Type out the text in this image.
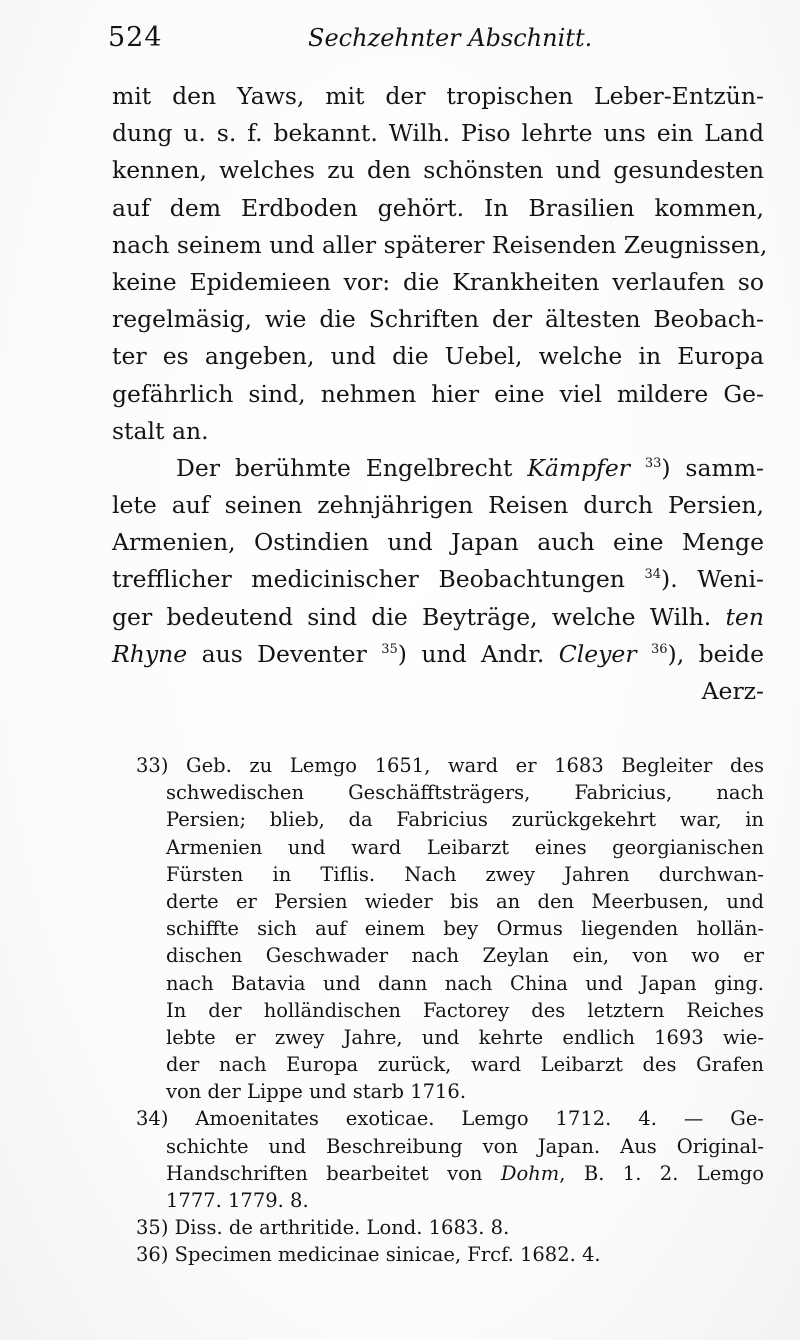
524	Sechzehnter Abschnitt.
mit den Yaws, mit der tropischen Leber-Entzün-
dung u. s. f. bekannt. Wilh. Piso lehrte uns ein Land
kennen, welches zu den schönsten und gesundesten
auf dem Erdboden gehört. In Brasilien kommen,
nach seinem und aller späterer Reisenden Zeugnissen,
keine Epidemieen vor: die Krankheiten verlaufen so
regelmäsig, wie die Schriften der ältesten Beobach-
ter es angeben, und die Uebel, welche in Europa
gefährlich sind, nehmen hier eine viel mildere Ge-
stalt an.
Der berühmte Engelbrecht Kämpfer $^{33}$) samm-
lete auf seinen zehnjährigen Reisen durch Persien,
Armenien, Ostindien und Japan auch eine Menge
trefflicher medicinischer Beobachtungen $^{34}$). Weni-
ger bedeutend sind die Beyträge, welche Wilh. ten
Rhyne aus Deventer $^{35}$) und Andr. Cleyer $^{36}$), beide
Aerz-
33) Geb. zu Lemgo 1651, ward er 1683 Begleiter des
schwedischen Geschäfftsträgers, Fabricius, nach
Persien; blieb, da Fabricius zurückgekehrt war, in
Armenien und ward Leibarzt eines georgianischen
Fürsten in Tiflis. Nach zwey Jahren durchwan-
derte er Persien wieder bis an den Meerbusen, und
schiffte sich auf einem bey Ormus liegenden hollän-
dischen Geschwader nach Zeylan ein, von wo er
nach Batavia und dann nach China und Japan ging.
In der holländischen Factorey des letztern Reiches
lebte er zwey Jahre, und kehrte endlich 1693 wie-
der nach Europa zurück, ward Leibarzt des Grafen
von der Lippe und starb 1716.
34) Amoenitates exoticae. Lemgo 1712. 4. — Ge-
schichte und Beschreibung von Japan. Aus Original-
Handschriften bearbeitet von Dohm, B. 1. 2. Lemgo
1777. 1779. 8.
35) Diss. de arthritide. Lond. 1683. 8.
36) Specimen medicinae sinicae, Frcf. 1682. 4.
